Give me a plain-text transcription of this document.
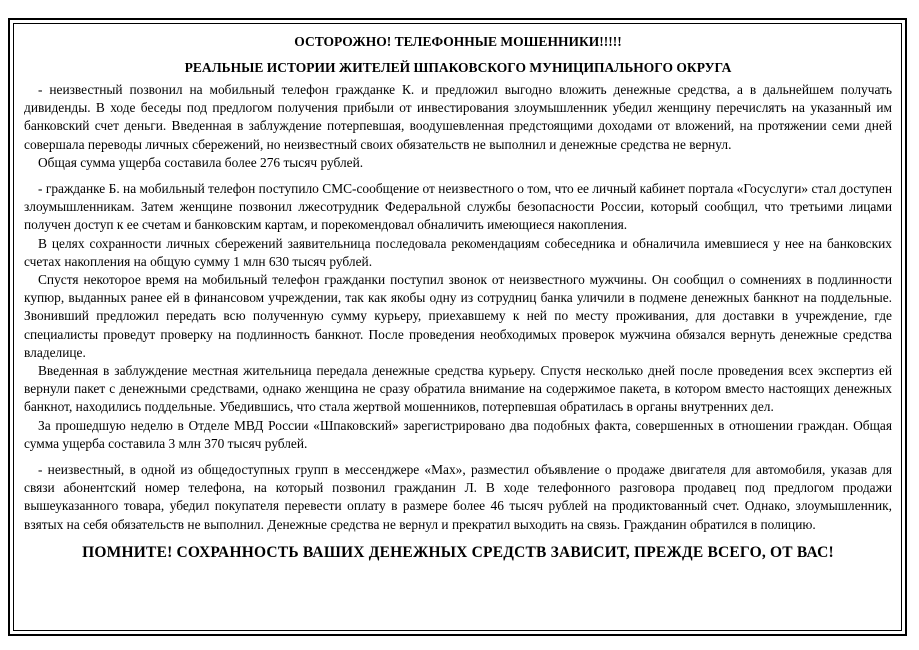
ОСТОРОЖНО! ТЕЛЕФОННЫЕ МОШЕННИКИ!!!!!

РЕАЛЬНЫЕ ИСТОРИИ ЖИТЕЛЕЙ ШПАКОВСКОГО МУНИЦИПАЛЬНОГО ОКРУГА

- неизвестный позвонил на мобильный телефон гражданке К. и предложил выгодно вложить денежные средства, а в дальнейшем получать дивиденды. В ходе беседы под предлогом получения прибыли от инвестирования злоумышленник убедил женщину перечислять на указанный им банковский счет деньги. Введенная в заблуждение потерпевшая, воодушевленная предстоящими доходами от вложений, на протяжении семи дней совершала переводы личных сбережений, но неизвестный своих обязательств не выполнил и денежные средства не вернул.

Общая сумма ущерба составила более 276 тысяч рублей.

- гражданке Б. на мобильный телефон поступило СМС-сообщение от неизвестного о том, что ее личный кабинет портала «Госуслуги» стал доступен злоумышленникам. Затем женщине позвонил лжесотрудник Федеральной службы безопасности России, который сообщил, что третьими лицами получен доступ к ее счетам и банковским картам, и порекомендовал обналичить имеющиеся накопления.

В целях сохранности личных сбережений заявительница последовала рекомендациям собеседника и обналичила имевшиеся у нее на банковских счетах накопления на общую сумму 1 млн 630 тысяч рублей.

Спустя некоторое время на мобильный телефон гражданки поступил звонок от неизвестного мужчины. Он сообщил о сомнениях в подлинности купюр, выданных ранее ей в финансовом учреждении, так как якобы одну из сотрудниц банка уличили в подмене денежных банкнот на поддельные. Звонивший предложил передать всю полученную сумму курьеру, приехавшему к ней по месту проживания, для доставки в учреждение, где специалисты проведут проверку на подлинность банкнот. После проведения необходимых проверок мужчина обязался вернуть денежные средства владелице.

Введенная в заблуждение местная жительница передала денежные средства курьеру. Спустя несколько дней после проведения всех экспертиз ей вернули пакет с денежными средствами, однако женщина не сразу обратила внимание на содержимое пакета, в котором вместо настоящих денежных банкнот, находились поддельные. Убедившись, что стала жертвой мошенников, потерпевшая обратилась в органы внутренних дел.

За прошедшую неделю в Отделе МВД России «Шпаковский» зарегистрировано два подобных факта, совершенных в отношении граждан. Общая сумма ущерба составила 3 млн 370 тысяч рублей.

- неизвестный, в одной из общедоступных групп в мессенджере «Max», разместил объявление о продаже двигателя для автомобиля, указав для связи абонентский номер телефона, на который позвонил гражданин Л. В ходе телефонного разговора продавец под предлогом продажи вышеуказанного товара, убедил покупателя перевести оплату в размере более 46 тысяч рублей на продиктованный счет. Однако, злоумышленник, взятых на себя обязательств не выполнил. Денежные средства не вернул и прекратил выходить на связь. Гражданин обратился в полицию.

ПОМНИТЕ! СОХРАННОСТЬ ВАШИХ ДЕНЕЖНЫХ СРЕДСТВ ЗАВИСИТ, ПРЕЖДЕ ВСЕГО, ОТ ВАС!
